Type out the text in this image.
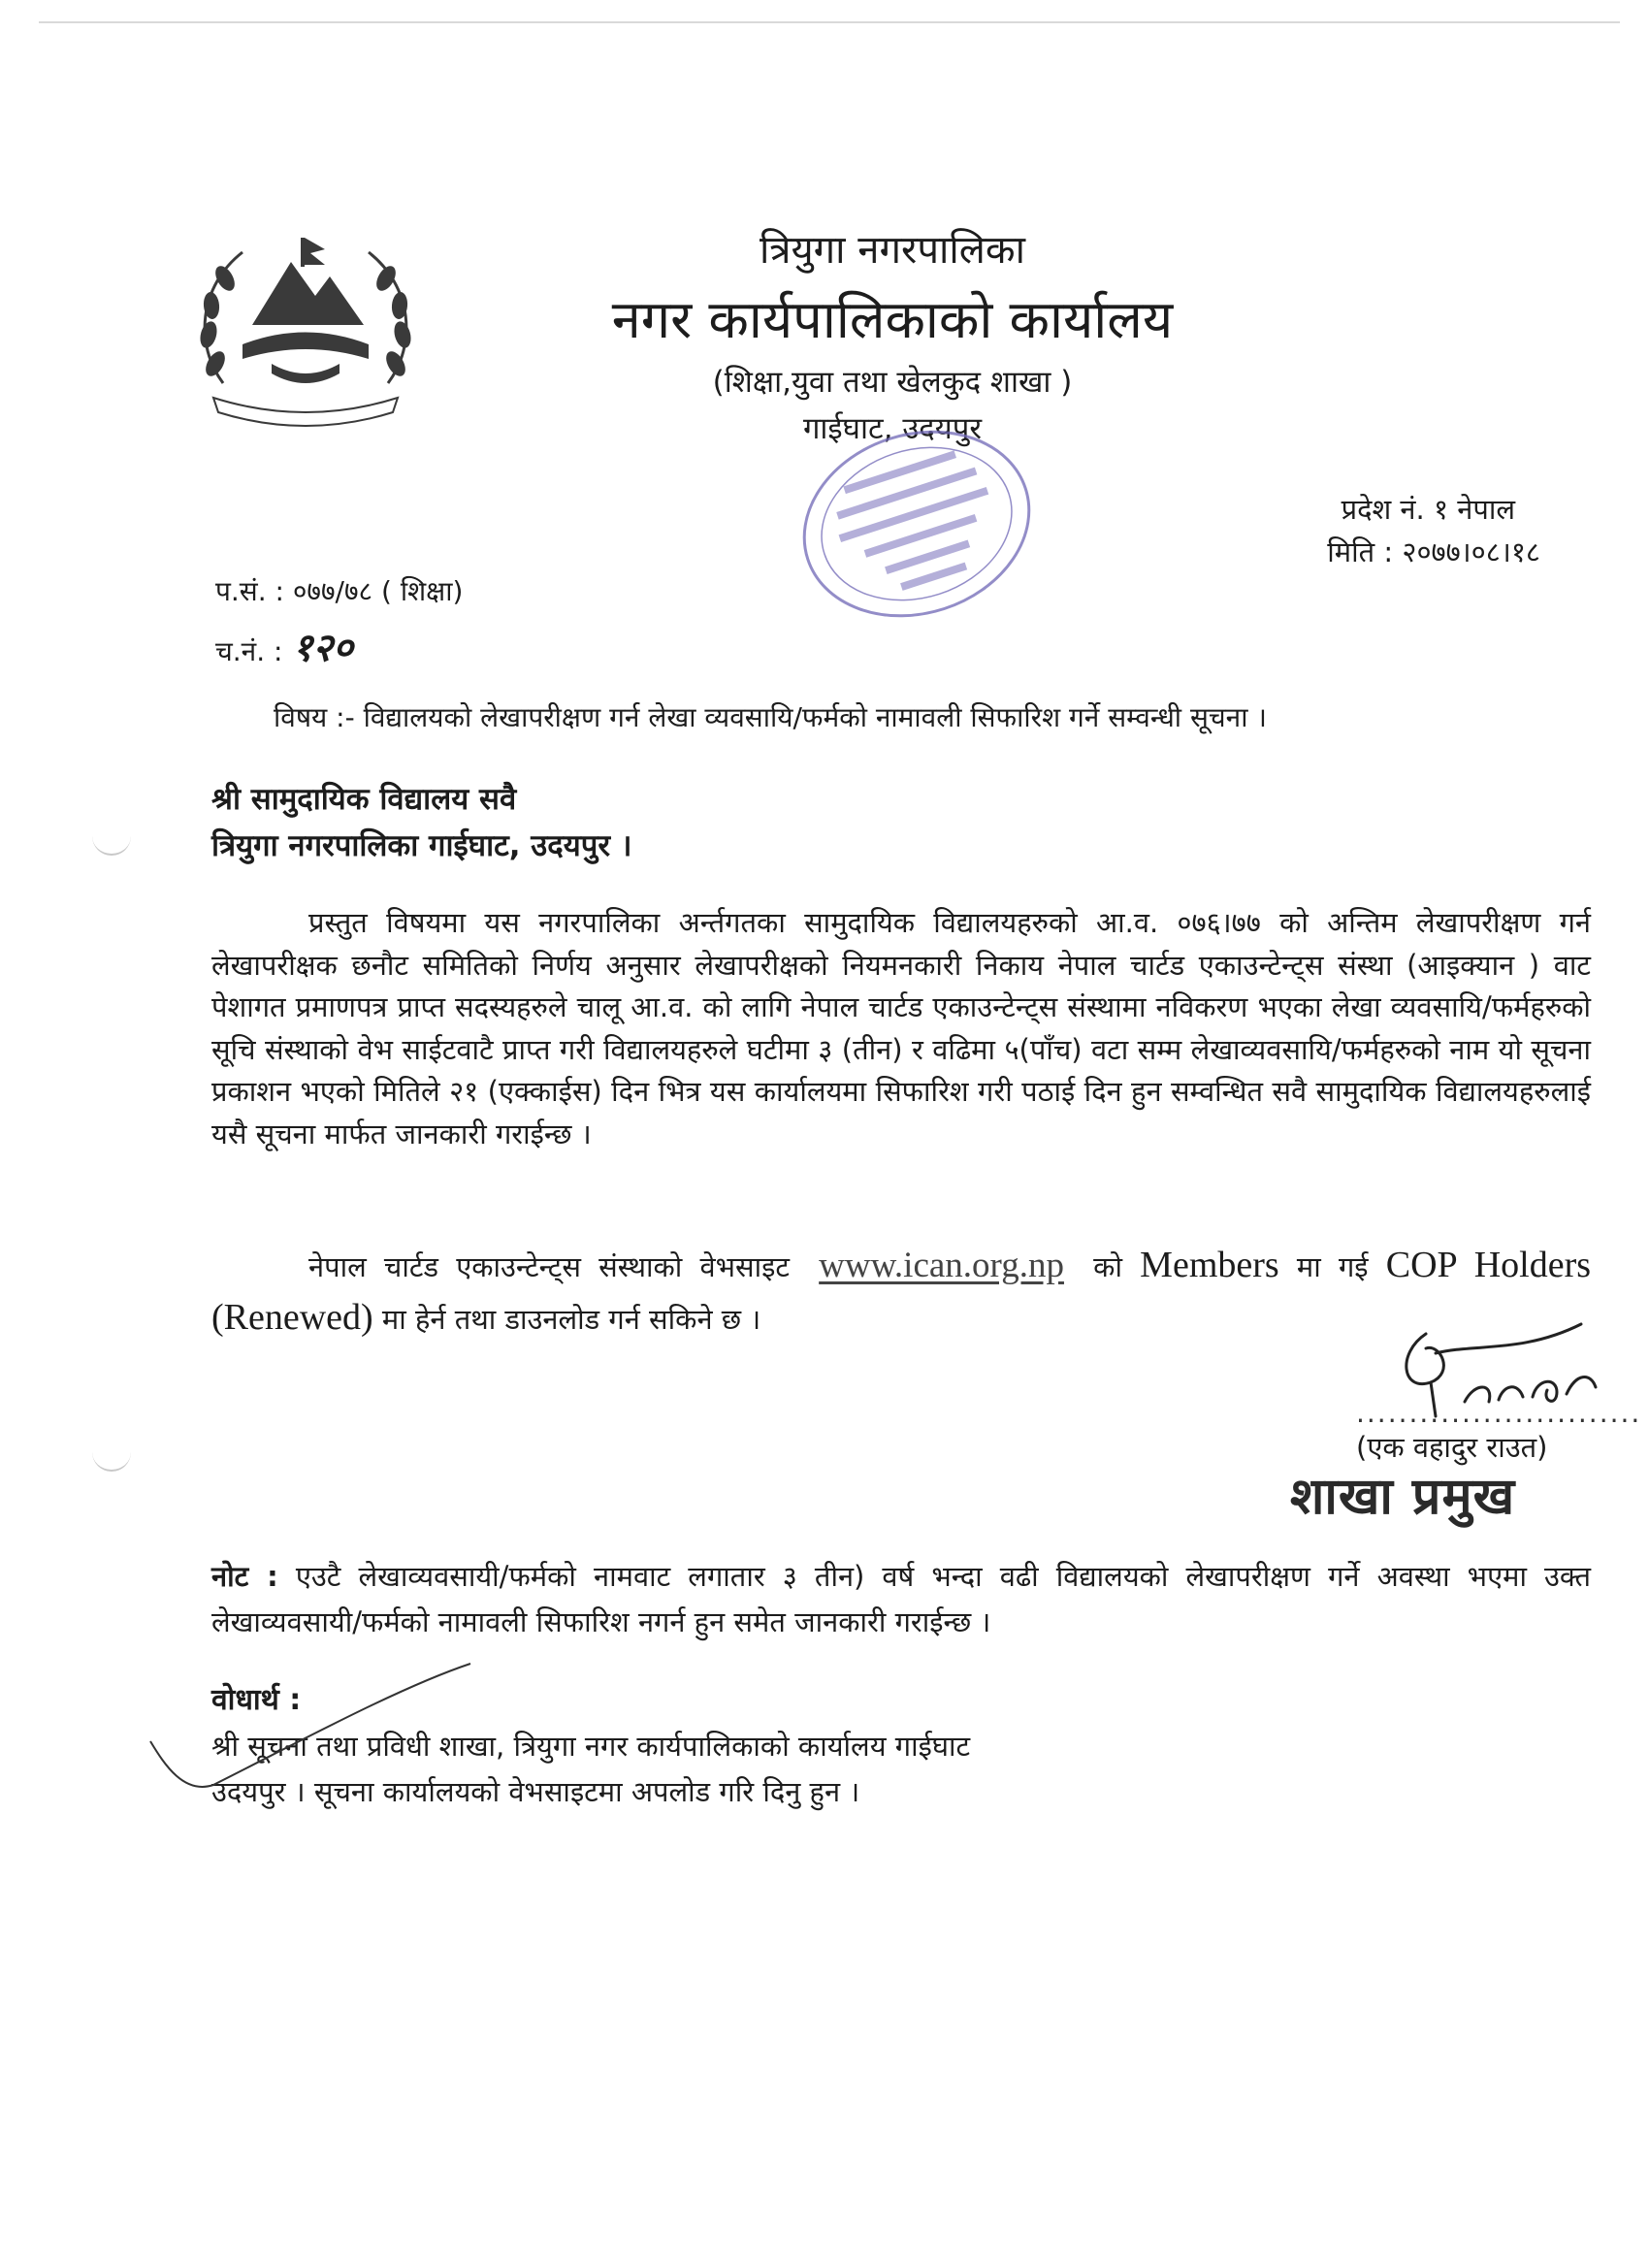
त्रियुगा नगरपालिका
नगर कार्यपालिकाको कार्यालय
(शिक्षा,युवा तथा खेलकुद शाखा )
गाईघाट, उदयपुर
प्रदेश नं. १ नेपाल
मिति : २०७७।०८।१८
प.सं. : ०७७/७८ ( शिक्षा)
च.नं. : १२०
विषय :- विद्यालयको लेखापरीक्षण गर्न लेखा व्यवसायि/फर्मको नामावली सिफारिश गर्ने सम्वन्धी सूचना ।
श्री सामुदायिक विद्यालय सवै
त्रियुगा नगरपालिका गाईघाट, उदयपुर ।
प्रस्तुत विषयमा यस नगरपालिका अर्न्तगतका सामुदायिक विद्यालयहरुको आ.व. ०७६।७७ को अन्तिम लेखापरीक्षण गर्न लेखापरीक्षक छनौट समितिको निर्णय अनुसार लेखापरीक्षको नियमनकारी निकाय नेपाल चार्टड एकाउन्टेन्ट्स संस्था (आइक्यान ) वाट पेशागत प्रमाणपत्र प्राप्त सदस्यहरुले चालू आ.व. को लागि नेपाल चार्टड एकाउन्टेन्ट्स संस्थामा नविकरण भएका लेखा व्यवसायि/फर्महरुको सूचि संस्थाको वेभ साईटवाटै प्राप्त गरी विद्यालयहरुले घटीमा ३ (तीन) र वढिमा ५(पाँच) वटा सम्म लेखाव्यवसायि/फर्महरुको नाम यो सूचना प्रकाशन भएको मितिले २१ (एक्काईस) दिन भित्र यस कार्यालयमा सिफारिश गरी पठाई दिन हुन सम्वन्धित सवै सामुदायिक विद्यालयहरुलाई यसै सूचना मार्फत जानकारी गराईन्छ ।
नेपाल चार्टड एकाउन्टेन्ट्स संस्थाको वेभसाइट www.ican.org.np को Members मा गई COP Holders (Renewed) मा हेर्न तथा डाउनलोड गर्न सकिने छ ।
...........................
(एक वहादुर राउत)
शाखा प्रमुख
नोट : एउटै लेखाव्यवसायी/फर्मको नामवाट लगातार ३ तीन) वर्ष भन्दा वढी विद्यालयको लेखापरीक्षण गर्ने अवस्था भएमा उक्त लेखाव्यवसायी/फर्मको नामावली सिफारिश नगर्न हुन समेत जानकारी गराईन्छ ।
वोधार्थ :
श्री सूचना तथा प्रविधी शाखा, त्रियुगा नगर कार्यपालिकाको कार्यालय गाईघाट
उदयपुर । सूचना कार्यालयको वेभसाइटमा अपलोड गरि दिनु हुन ।
